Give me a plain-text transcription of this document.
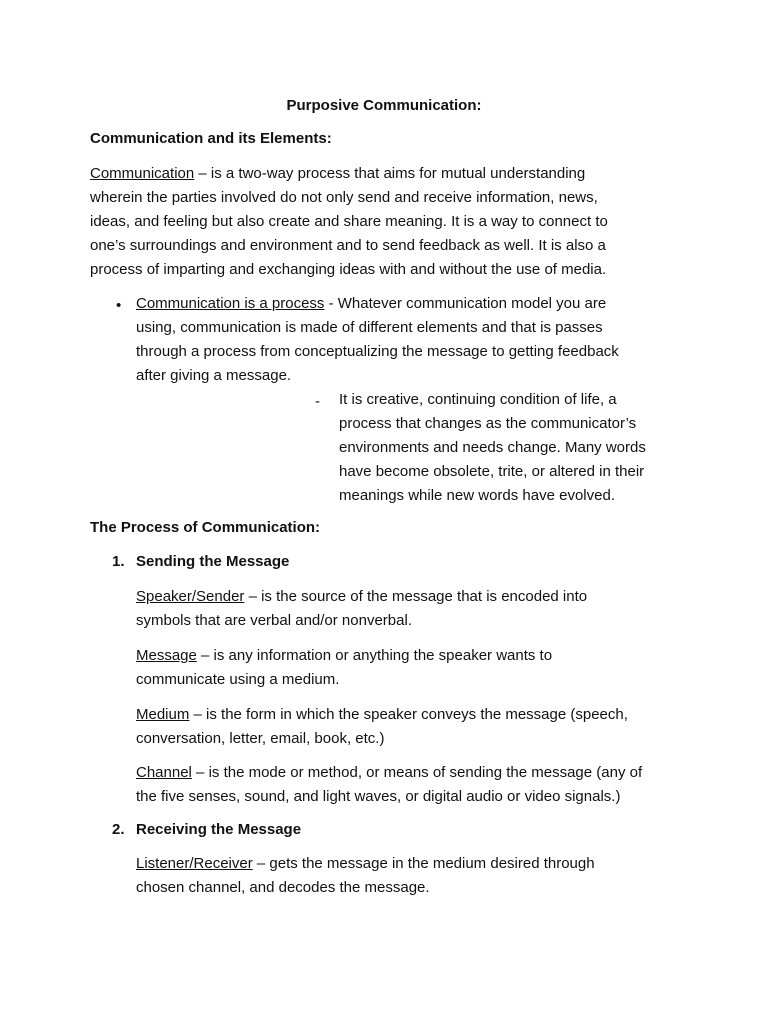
Purposive Communication:
Communication and its Elements:
Communication – is a two-way process that aims for mutual understanding
wherein the parties involved do not only send and receive information, news,
ideas, and feeling but also create and share meaning. It is a way to connect to
one’s surroundings and environment and to send feedback as well. It is also a
process of imparting and exchanging ideas with and without the use of media.
• Communication is a process - Whatever communication model you are
using, communication is made of different elements and that is passes
through a process from conceptualizing the message to getting feedback
after giving a message.
- It is creative, continuing condition of life, a
process that changes as the communicator’s
environments and needs change. Many words
have become obsolete, trite, or altered in their
meanings while new words have evolved.
The Process of Communication:
1. Sending the Message
Speaker/Sender – is the source of the message that is encoded into
symbols that are verbal and/or nonverbal.
Message – is any information or anything the speaker wants to
communicate using a medium.
Medium – is the form in which the speaker conveys the message (speech,
conversation, letter, email, book, etc.)
Channel – is the mode or method, or means of sending the message (any of
the five senses, sound, and light waves, or digital audio or video signals.)
2. Receiving the Message
Listener/Receiver – gets the message in the medium desired through
chosen channel, and decodes the message.
